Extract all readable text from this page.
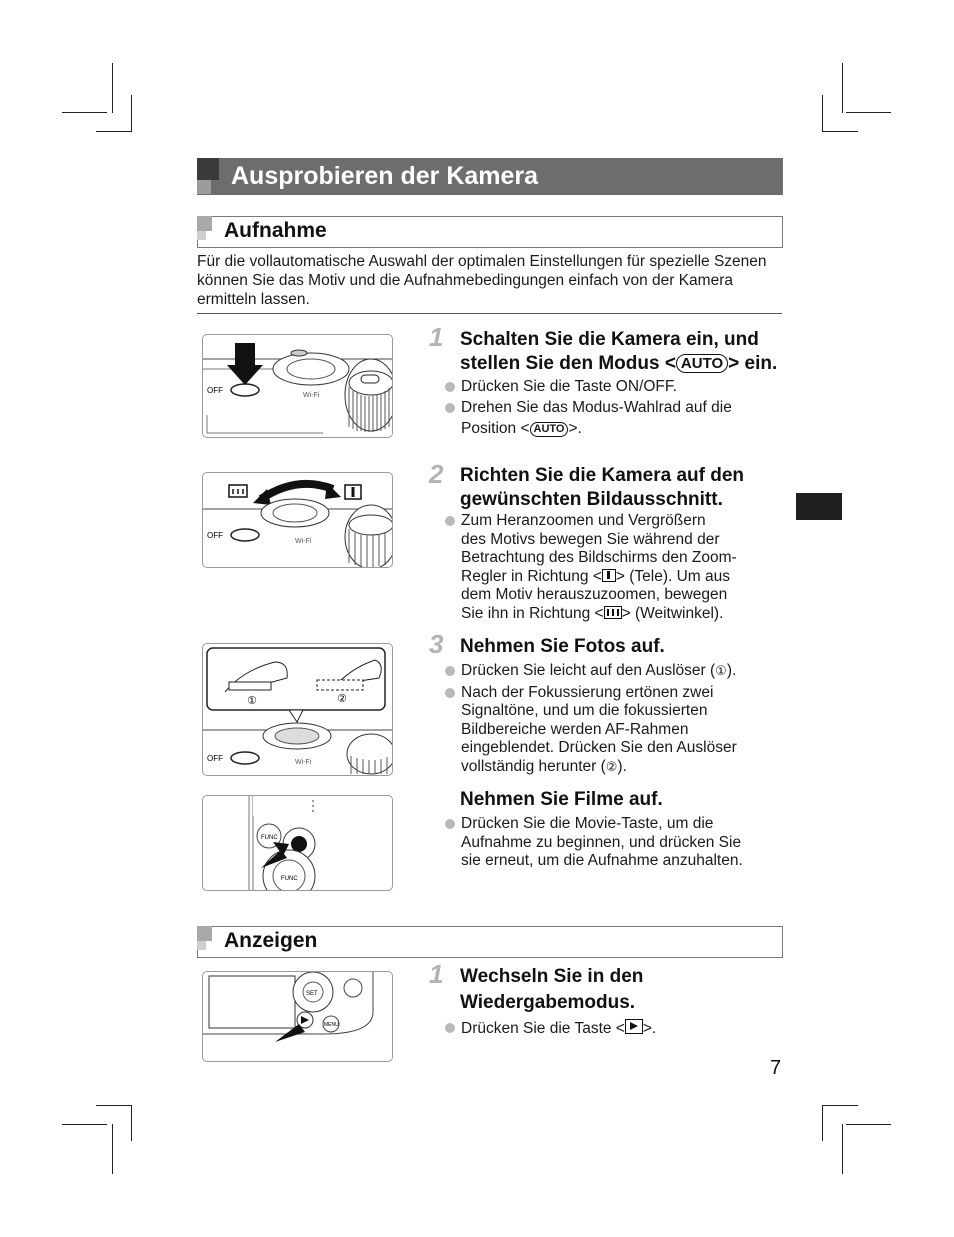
Ausprobieren der Kamera
Aufnahme
Für die vollautomatische Auswahl der optimalen Einstellungen für spezielle Szenen können Sie das Motiv und die Aufnahmebedingungen einfach von der Kamera ermitteln lassen.
OFF
Wi-Fi
1 Schalten Sie die Kamera ein, und
stellen Sie den Modus < AUTO > ein.
Drücken Sie die Taste ON/OFF.
Drehen Sie das Modus-Wahlrad auf die
Position < AUTO >.
OFF
Wi-Fi
2 Richten Sie die Kamera auf den
gewünschten Bildausschnitt.
Zum Heranzoomen und Vergrößern
des Motivs bewegen Sie während der
Betrachtung des Bildschirms den Zoom-
Regler in Richtung < > (Tele). Um aus
dem Motiv herauszuzoomen, bewegen
Sie ihn in Richtung < > (Weitwinkel).
①	②
OFF	Wi-Fi
3 Nehmen Sie Fotos auf.
Drücken Sie leicht auf den Auslöser (①).
Nach der Fokussierung ertönen zwei
Signaltöne, und um die fokussierten
Bildbereiche werden AF-Rahmen
eingeblendet. Drücken Sie den Auslöser
vollständig herunter (②).
FUNC
FUNC
Nehmen Sie Filme auf.
Drücken Sie die Movie-Taste, um die
Aufnahme zu beginnen, und drücken Sie
sie erneut, um die Aufnahme anzuhalten.
Anzeigen
SET
MENU
1 Wechseln Sie in den
Wiedergabemodus.
Drücken Sie die Taste < >.
7
